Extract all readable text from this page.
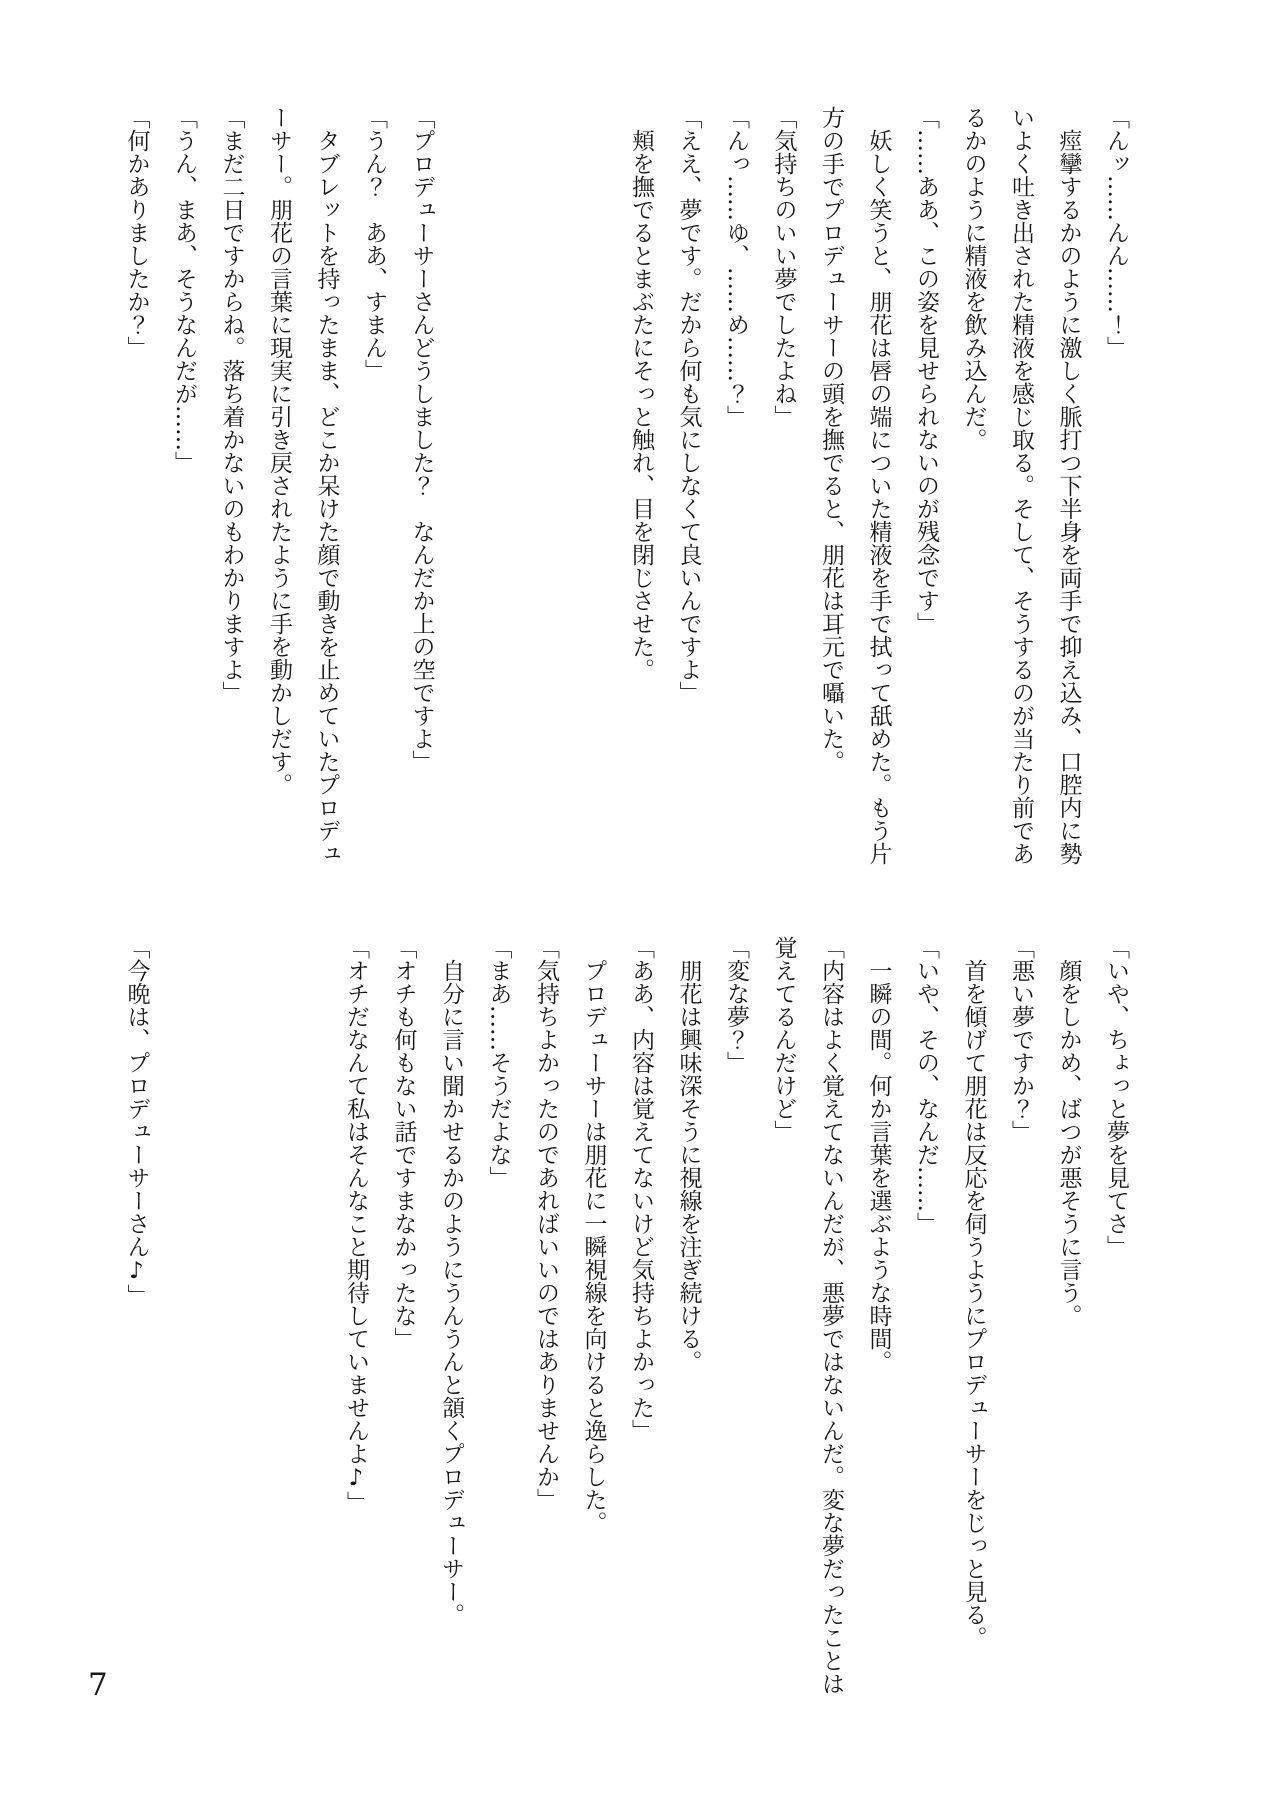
「んッ……んん……！」

　痙攣するかのように激しく脈打つ下半身を両手で抑え込み、口腔内に勢いよく吐き出された精液を感じ取る。そして、そうするのが当たり前であるかのように精液を飲み込んだ。

「……ああ、この姿を見せられないのが残念です」

　妖しく笑うと、朋花は唇の端についた精液を手で拭って舐めた。もう片方の手でプロデューサーの頭を撫でると、朋花は耳元で囁いた。

「気持ちのいい夢でしたよね」

「んっ……ゆ、……め……？」

「ええ、夢です。だから何も気にしなくて良いんですよ」

　頬を撫でるとまぶたにそっと触れ、目を閉じさせた。

「プロデューサーさんどうしました？　なんだか上の空ですよ」

「うん？　ああ、すまん」

　タブレットを持ったまま、どこか呆けた顔で動きを止めていたプロデューサー。朋花の言葉に現実に引き戻されたように手を動かしだす。

「まだ二日ですからね。落ち着かないのもわかりますよ」

「うん、まあ、そうなんだが……」

「何かありましたか？」

「いや、ちょっと夢を見てさ」

　顔をしかめ、ばつが悪そうに言う。

「悪い夢ですか？」

　首を傾げて朋花は反応を伺うようにプロデューサーをじっと見る。

「いや、その、なんだ……」

　一瞬の間。何か言葉を選ぶような時間。

「内容はよく覚えてないんだが、悪夢ではないんだ。変な夢だったことは覚えてるんだけど」

「変な夢？」

　朋花は興味深そうに視線を注ぎ続ける。

「ああ、内容は覚えてないけど気持ちよかった」

　プロデューサーは朋花に一瞬視線を向けると逸らした。

「気持ちよかったのであればいいのではありませんか」

「まあ……そうだよな」

　自分に言い聞かせるかのようにうんうんと頷くプロデューサー。

「オチも何もない話ですまなかったな」

「オチだなんて私はそんなこと期待していませんよ♪」

「今晩は、プロデューサーさん♪」

7
